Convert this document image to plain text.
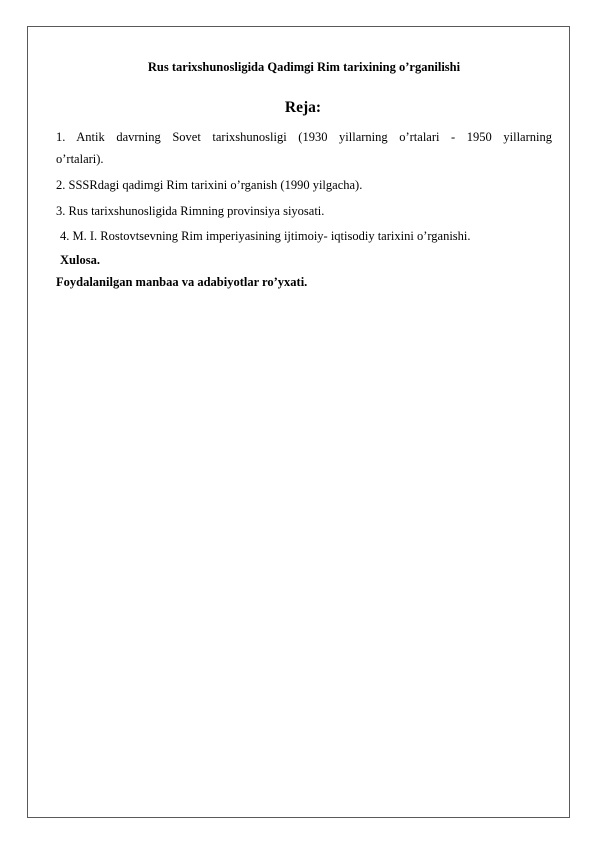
Rus tarixshunosligida Qadimgi Rim tarixining o’rganilishi
Reja:
1. Antik davrning Sovet tarixshunosligi (1930 yillarning o’rtalari - 1950 yillarning
o’rtalari).
2. SSSRdagi qadimgi Rim tarixini o’rganish (1990 yilgacha).
3. Rus tarixshunosligida Rimning provinsiya siyosati.
4. M. I. Rostovtsevning Rim imperiyasining ijtimoiy- iqtisodiy tarixini o’rganishi.
Xulosa.
Foydalanilgan manbaa va adabiyotlar ro’yxati.
